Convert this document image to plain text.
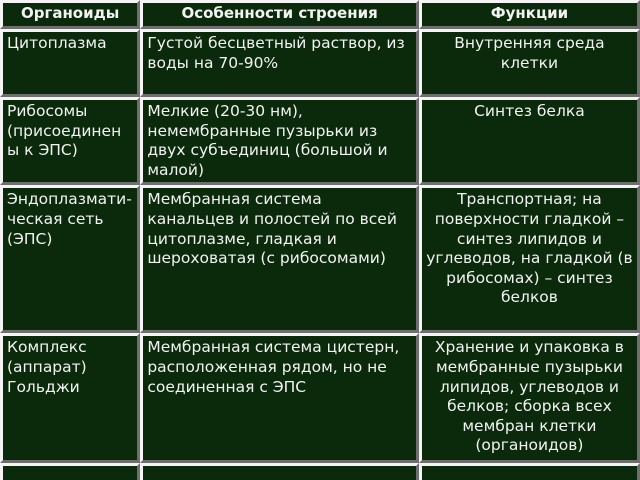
Органоиды	Особенности строения	Функции
Цитоплазма	Густой бесцветный раствор, из воды на 70-90%	Внутренняя среда клетки
Рибосомы (присоединены к ЭПС)	Мелкие (20-30 нм), немембранные пузырьки из двух субъединиц (большой и малой)	Синтез белка
Эндоплазмати-ческая сеть (ЭПС)	Мембранная система канальцев и полостей по всей цитоплазме, гладкая и шероховатая (с рибосомами)	Транспортная; на поверхности гладкой – синтез липидов и углеводов, на гладкой (в рибосомах) – синтез белков
Комплекс (аппарат) Гольджи	Мембранная система цистерн, расположенная рядом, но не соединенная с ЭПС	Хранение и упаковка в мембранные пузырьки липидов, углеводов и белков; сборка всех мембран клетки (органоидов)
